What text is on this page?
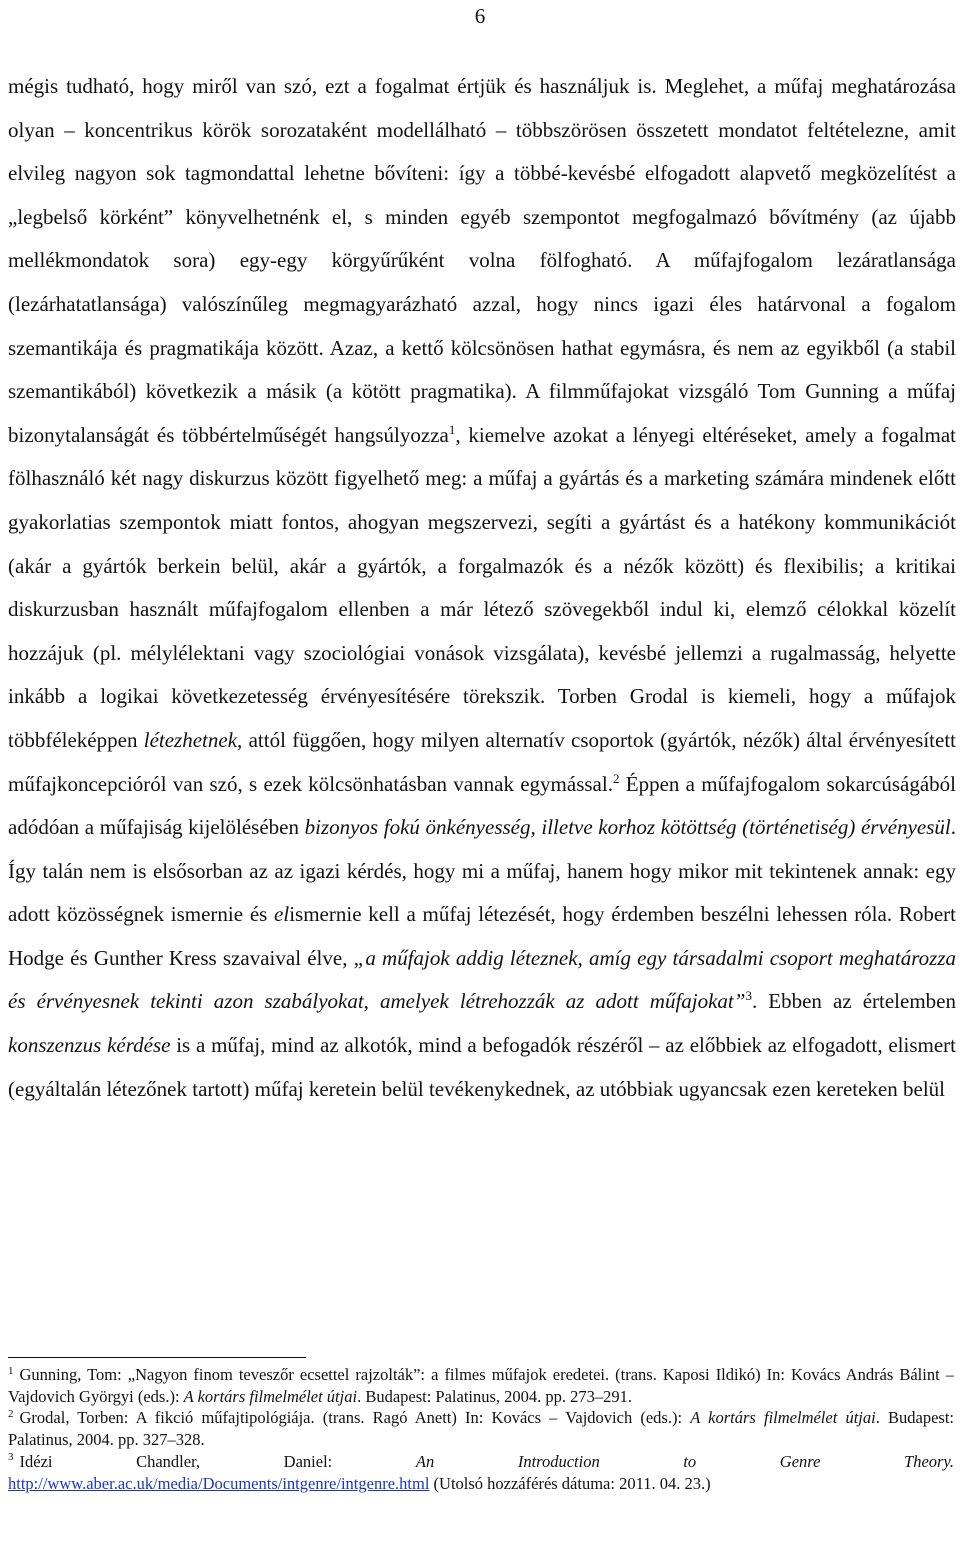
6

mégis tudható, hogy miről van szó, ezt a fogalmat értjük és használjuk is. Meglehet, a műfaj meghatározása olyan – koncentrikus körök sorozataként modellálható – többszörösen összetett mondatot feltételezne, amit elvileg nagyon sok tagmondattal lehetne bővíteni: így a többé-kevésbé elfogadott alapvető megközelítést a „legbelső körként” könyvelhetnénk el, s minden egyéb szempontot megfogalmazó bővítmény (az újabb mellékmondatok sora) egy-egy körgyűrűként volna fölfogható. A műfajfogalom lezáratlansága (lezárhatatlansága) valószínűleg megmagyarázható azzal, hogy nincs igazi éles határvonal a fogalom szemantikája és pragmatikája között. Azaz, a kettő kölcsönösen hathat egymásra, és nem az egyikből (a stabil szemantikából) következik a másik (a kötött pragmatika). A filmműfajokat vizsgáló Tom Gunning a műfaj bizonytalanságát és többértelműségét hangsúlyozza$^1$, kiemelve azokat a lényegi eltéréseket, amely a fogalmat fölhasználó két nagy diskurzus között figyelhető meg: a műfaj a gyártás és a marketing számára mindenek előtt gyakorlatias szempontok miatt fontos, ahogyan megszervezi, segíti a gyártást és a hatékony kommunikációt (akár a gyártók berkein belül, akár a gyártók, a forgalmazók és a nézők között) és flexibilis; a kritikai diskurzusban használt műfajfogalom ellenben a már létező szövegekből indul ki, elemző célokkal közelít hozzájuk (pl. mélylélektani vagy szociológiai vonások vizsgálata), kevésbé jellemzi a rugalmasság, helyette inkább a logikai következetesség érvényesítésére törekszik. Torben Grodal is kiemeli, hogy a műfajok többféleképpen létezhetnek, attól függően, hogy milyen alternatív csoportok (gyártók, nézők) által érvényesített műfajkoncepcióról van szó, s ezek kölcsönhatásban vannak egymással.$^2$ Éppen a műfajfogalom sokarcúságából adódóan a műfajiság kijelölésében bizonyos fokú önkényesség, illetve korhoz kötöttség (történetiség) érvényesül. Így talán nem is elsősorban az az igazi kérdés, hogy mi a műfaj, hanem hogy mikor mit tekintenek annak: egy adott közösségnek ismernie és elismernie kell a műfaj létezését, hogy érdemben beszélni lehessen róla. Robert Hodge és Gunther Kress szavaival élve, „a műfajok addig léteznek, amíg egy társadalmi csoport meghatározza és érvényesnek tekinti azon szabályokat, amelyek létrehozzák az adott műfajokat”$^3$. Ebben az értelemben konszenzus kérdése is a műfaj, mind az alkotók, mind a befogadók részéről – az előbbiek az elfogadott, elismert (egyáltalán létezőnek tartott) műfaj keretein belül tevékenykednek, az utóbbiak ugyancsak ezen kereteken belül

$^1$ Gunning, Tom: „Nagyon finom teveszőr ecsettel rajzolták”: a filmes műfajok eredetei. (trans. Kaposi Ildikó) In: Kovács András Bálint – Vajdovich Györgyi (eds.): A kortárs filmelmélet útjai. Budapest: Palatinus, 2004. pp. 273–291.

$^2$ Grodal, Torben: A fikció műfajtipológiája. (trans. Ragó Anett) In: Kovács – Vajdovich (eds.): A kortárs filmelmélet útjai. Budapest: Palatinus, 2004. pp. 327–328.

$^3$ Idézi Chandler, Daniel: An Introduction to Genre Theory.

http://www.aber.ac.uk/media/Documents/intgenre/intgenre.html (Utolsó hozzáférés dátuma: 2011. 04. 23.)
